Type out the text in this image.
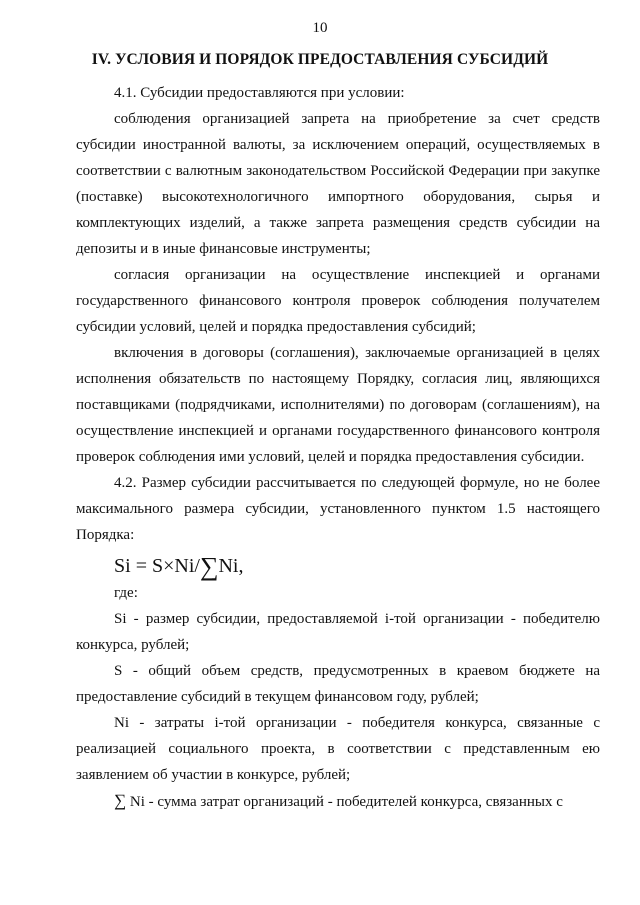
10
IV. УСЛОВИЯ И ПОРЯДОК ПРЕДОСТАВЛЕНИЯ СУБСИДИЙ

4.1. Субсидии предоставляются при условии:

соблюдения организацией запрета на приобретение за счет средств субсидии иностранной валюты, за исключением операций, осуществляемых в соответствии с валютным законодательством Российской Федерации при закупке (поставке) высокотехнологичного импортного оборудования, сырья и комплектующих изделий, а также запрета размещения средств субсидии на депозиты и в иные финансовые инструменты;

согласия организации на осуществление инспекцией и органами государственного финансового контроля проверок соблюдения получателем субсидии условий, целей и порядка предоставления субсидий;

включения в договоры (соглашения), заключаемые организацией в целях исполнения обязательств по настоящему Порядку, согласия лиц, являющихся поставщиками (подрядчиками, исполнителями) по договорам (соглашениям), на осуществление инспекцией и органами государственного финансового контроля проверок соблюдения ими условий, целей и порядка предоставления субсидии.

4.2. Размер субсидии рассчитывается по следующей формуле, но не более максимального размера субсидии, установленного пунктом 1.5 настоящего Порядка:

Si = S×Ni/∑Ni,
где:

Si - размер субсидии, предоставляемой i-той организации - победителю конкурса, рублей;

S - общий объем средств, предусмотренных в краевом бюджете на предоставление субсидий в текущем финансовом году, рублей;

Ni - затраты i-той организации - победителя конкурса, связанные с реализацией социального проекта, в соответствии с представленным ею заявлением об участии в конкурсе, рублей;

∑ Ni - сумма затрат организаций - победителей конкурса, связанных с
